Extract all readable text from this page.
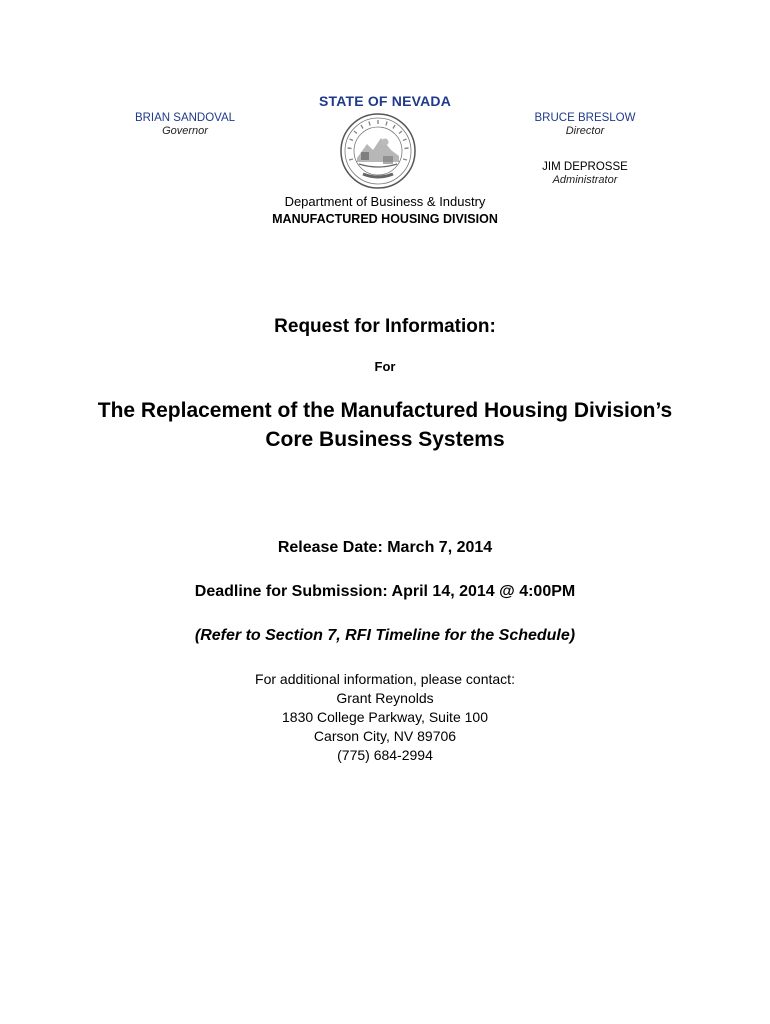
STATE OF NEVADA
BRIAN SANDOVAL
Governor
BRUCE BRESLOW
Director
JIM DEPROSSE
Administrator
Department of Business & Industry
MANUFACTURED HOUSING DIVISION
Request for Information:
For
The Replacement of the Manufactured Housing Division’s
Core Business Systems
Release Date: March 7, 2014
Deadline for Submission: April 14, 2014 @ 4:00PM
(Refer to Section 7, RFI Timeline for the Schedule)
For additional information, please contact:
Grant Reynolds
1830 College Parkway, Suite 100
Carson City, NV 89706
(775) 684-2994
